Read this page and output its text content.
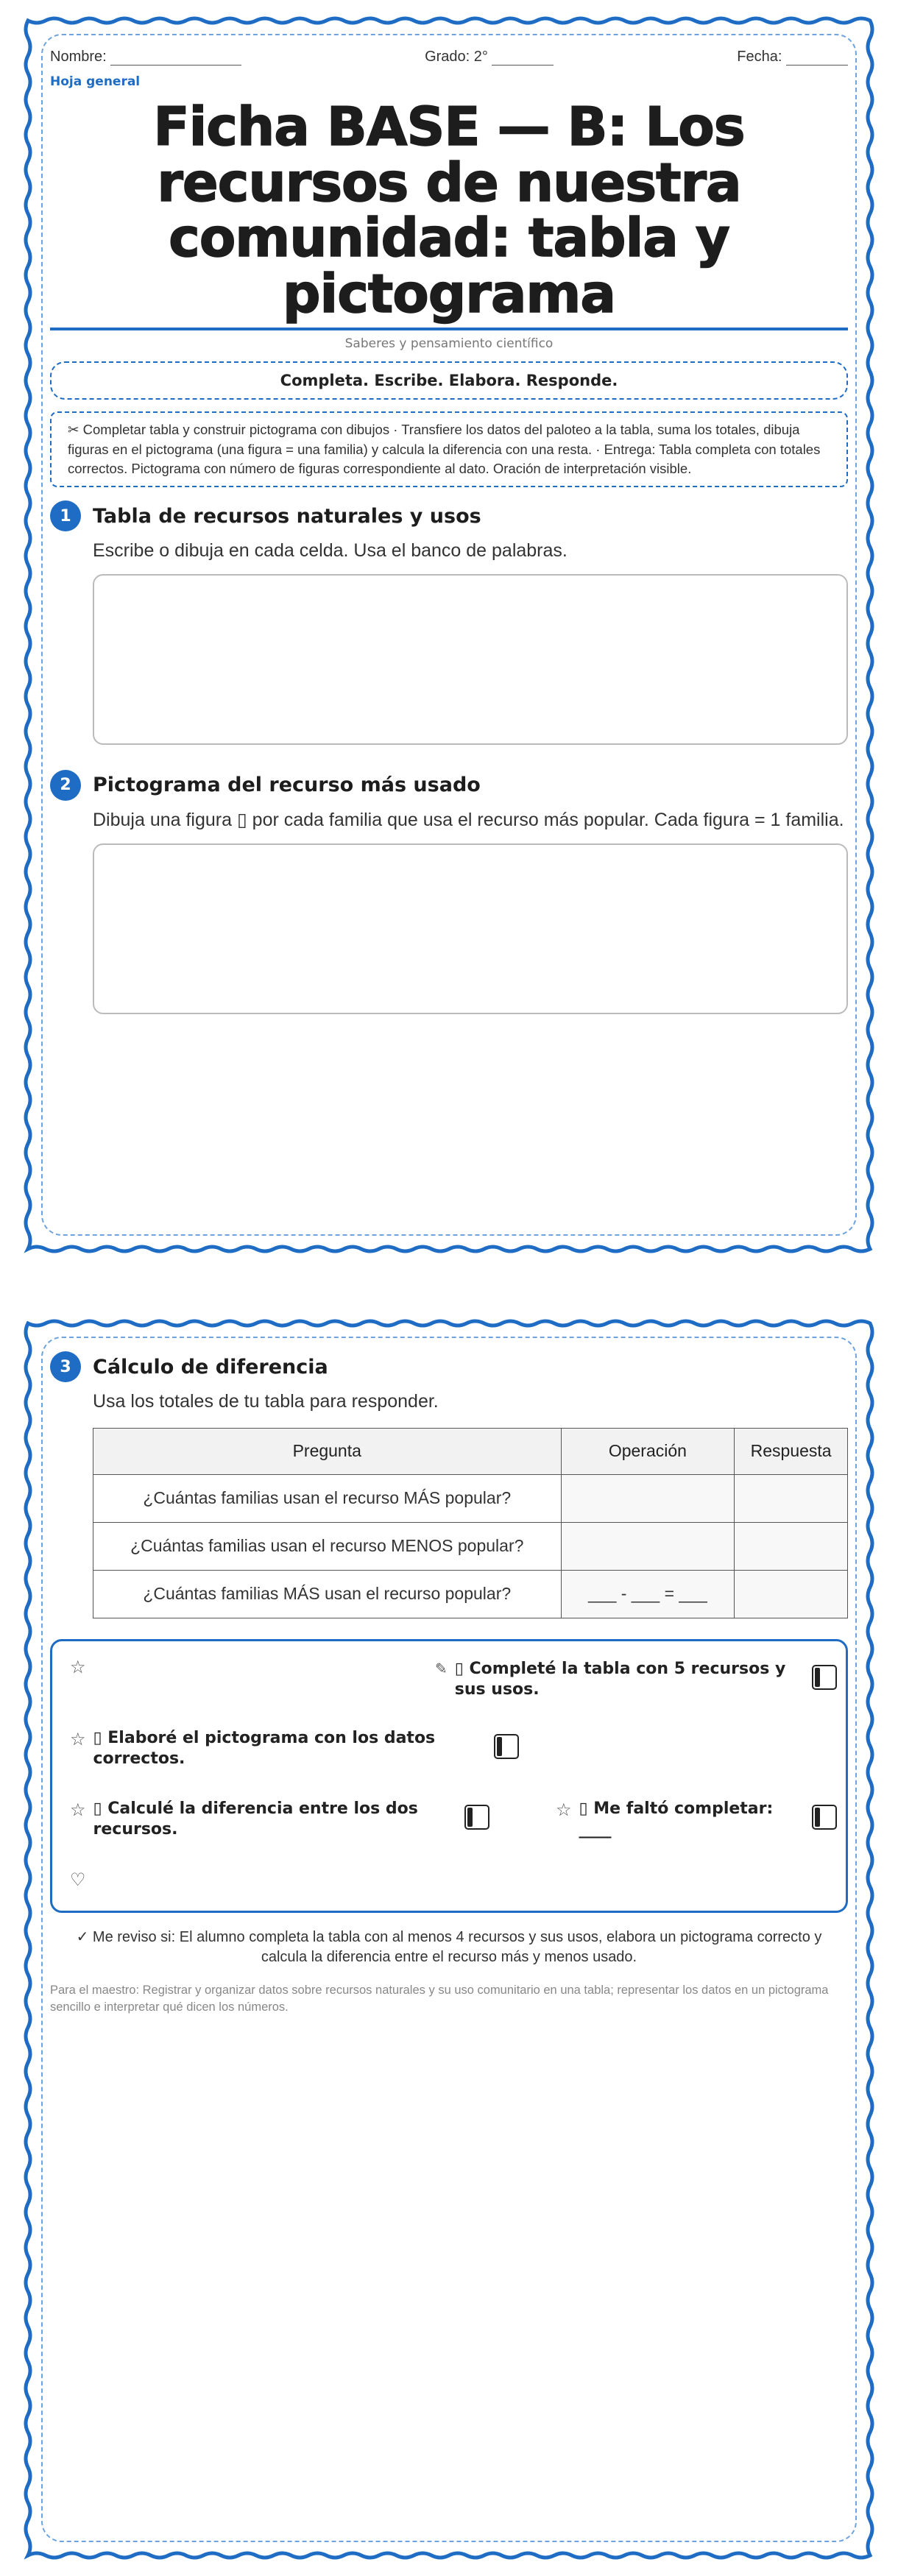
Nombre:	Grado: 2°	Fecha:
Hoja general
Ficha BASE — B: Los recursos de nuestra comunidad: tabla y pictograma
Saberes y pensamiento científico
Completa. Escribe. Elabora. Responde.
✂ Completar tabla y construir pictograma con dibujos · Transfiere los datos del paloteo a la tabla, suma los totales, dibuja figuras en el pictograma (una figura = una familia) y calcula la diferencia con una resta. · Entrega: Tabla completa con totales correctos. Pictograma con número de figuras correspondiente al dato. Oración de interpretación visible.
1	Tabla de recursos naturales y usos
Escribe o dibuja en cada celda. Usa el banco de palabras.
2	Pictograma del recurso más usado
Dibuja una figura ▯ por cada familia que usa el recurso más popular. Cada figura = 1 familia.
3	Cálculo de diferencia
Usa los totales de tu tabla para responder.
Pregunta	Operación	Respuesta
¿Cuántas familias usan el recurso MÁS popular?		
¿Cuántas familias usan el recurso MENOS popular?		
¿Cuántas familias MÁS usan el recurso popular?	___ - ___ = ___	
☆	✎ ▯ Completé la tabla con 5 recursos y sus usos.
☆ ▯ Elaboré el pictograma con los datos correctos.
☆ ▯ Calculé la diferencia entre los dos recursos.
☆ ▯ Me faltó completar: ____
♡
✓ Me reviso si: El alumno completa la tabla con al menos 4 recursos y sus usos, elabora un pictograma correcto y calcula la diferencia entre el recurso más y menos usado.
Para el maestro: Registrar y organizar datos sobre recursos naturales y su uso comunitario en una tabla; representar los datos en un pictograma sencillo e interpretar qué dicen los números.
